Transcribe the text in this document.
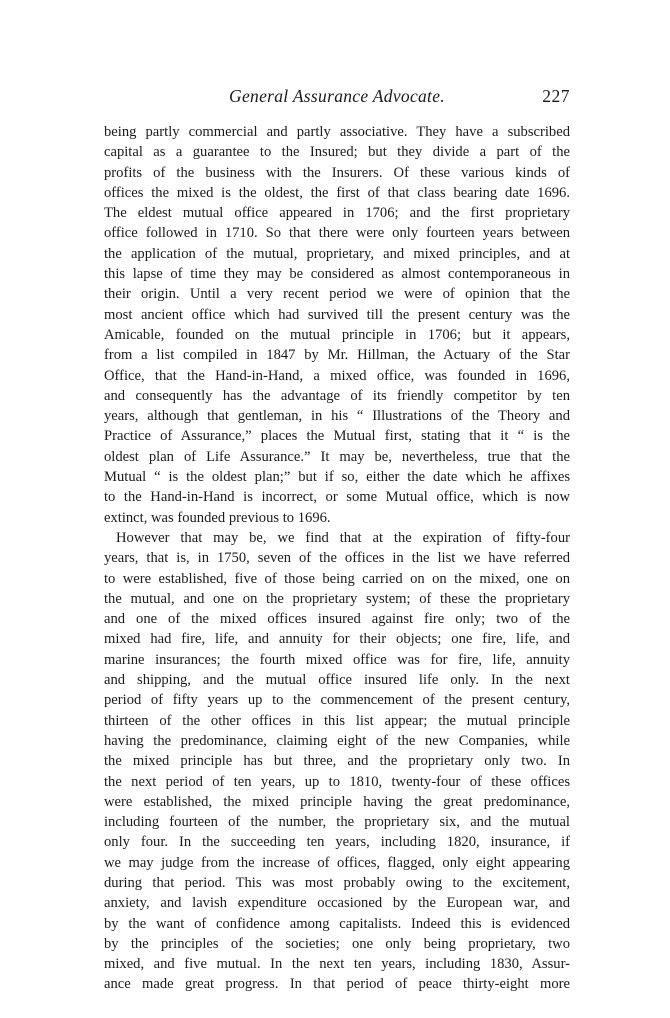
General Assurance Advocate.	227
being partly commercial and partly associative. They have a subscribed
capital as a guarantee to the Insured; but they divide a part of the
profits of the business with the Insurers. Of these various kinds of
offices the mixed is the oldest, the first of that class bearing date 1696.
The eldest mutual office appeared in 1706; and the first proprietary
office followed in 1710. So that there were only fourteen years between
the application of the mutual, proprietary, and mixed principles, and at
this lapse of time they may be considered as almost contemporaneous in
their origin. Until a very recent period we were of opinion that the
most ancient office which had survived till the present century was the
Amicable, founded on the mutual principle in 1706; but it appears,
from a list compiled in 1847 by Mr. Hillman, the Actuary of the Star
Office, that the Hand-in-Hand, a mixed office, was founded in 1696,
and consequently has the advantage of its friendly competitor by ten
years, although that gentleman, in his “ Illustrations of the Theory and
Practice of Assurance,” places the Mutual first, stating that it “ is the
oldest plan of Life Assurance.” It may be, nevertheless, true that the
Mutual “ is the oldest plan;” but if so, either the date which he affixes
to the Hand-in-Hand is incorrect, or some Mutual office, which is now
extinct, was founded previous to 1696.
However that may be, we find that at the expiration of fifty-four
years, that is, in 1750, seven of the offices in the list we have referred
to were established, five of those being carried on on the mixed, one on
the mutual, and one on the proprietary system; of these the proprietary
and one of the mixed offices insured against fire only; two of the
mixed had fire, life, and annuity for their objects; one fire, life, and
marine insurances; the fourth mixed office was for fire, life, annuity
and shipping, and the mutual office insured life only. In the next
period of fifty years up to the commencement of the present century,
thirteen of the other offices in this list appear; the mutual principle
having the predominance, claiming eight of the new Companies, while
the mixed principle has but three, and the proprietary only two. In
the next period of ten years, up to 1810, twenty-four of these offices
were established, the mixed principle having the great predominance,
including fourteen of the number, the proprietary six, and the mutual
only four. In the succeeding ten years, including 1820, insurance, if
we may judge from the increase of offices, flagged, only eight appearing
during that period. This was most probably owing to the excitement,
anxiety, and lavish expenditure occasioned by the European war, and
by the want of confidence among capitalists. Indeed this is evidenced
by the principles of the societies; one only being proprietary, two
mixed, and five mutual. In the next ten years, including 1830, Assur-
ance made great progress. In that period of peace thirty-eight more
